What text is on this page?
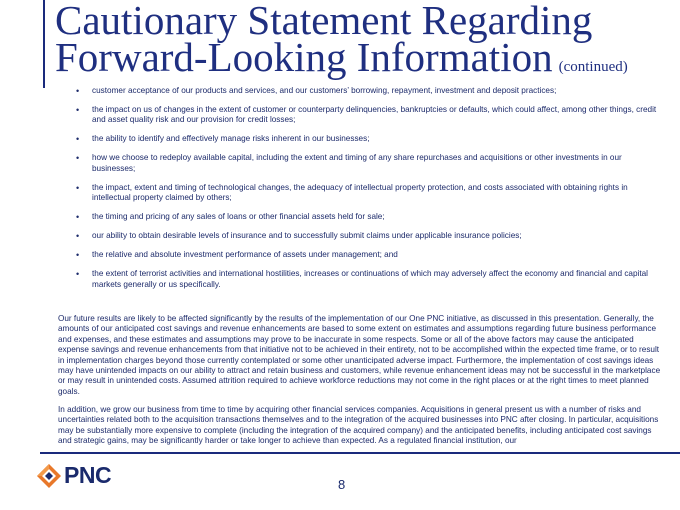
Cautionary Statement Regarding
Forward-Looking Information (continued)
• customer acceptance of our products and services, and our customers’ borrowing, repayment, investment and deposit practices;
• the impact on us of changes in the extent of customer or counterparty delinquencies, bankruptcies or defaults, which could affect, among other things, credit and asset quality risk and our provision for credit losses;
• the ability to identify and effectively manage risks inherent in our businesses;
• how we choose to redeploy available capital, including the extent and timing of any share repurchases and acquisitions or other investments in our businesses;
• the impact, extent and timing of technological changes, the adequacy of intellectual property protection, and costs associated with obtaining rights in intellectual property claimed by others;
• the timing and pricing of any sales of loans or other financial assets held for sale;
• our ability to obtain desirable levels of insurance and to successfully submit claims under applicable insurance policies;
• the relative and absolute investment performance of assets under management; and
• the extent of terrorist activities and international hostilities, increases or continuations of which may adversely affect the economy and financial and capital markets generally or us specifically.

Our future results are likely to be affected significantly by the results of the implementation of our One PNC initiative, as discussed in this presentation. Generally, the amounts of our anticipated cost savings and revenue enhancements are based to some extent on estimates and assumptions regarding future business performance and expenses, and these estimates and assumptions may prove to be inaccurate in some respects. Some or all of the above factors may cause the anticipated expense savings and revenue enhancements from that initiative not to be achieved in their entirety, not to be accomplished within the expected time frame, or to result in implementation charges beyond those currently contemplated or some other unanticipated adverse impact. Furthermore, the implementation of cost savings ideas may have unintended impacts on our ability to attract and retain business and customers, while revenue enhancement ideas may not be successful in the marketplace or may result in unintended costs. Assumed attrition required to achieve workforce reductions may not come in the right places or at the right times to meet planned goals.

In addition, we grow our business from time to time by acquiring other financial services companies. Acquisitions in general present us with a number of risks and uncertainties related both to the acquisition transactions themselves and to the integration of the acquired businesses into PNC after closing. In particular, acquisitions may be substantially more expensive to complete (including the integration of the acquired company) and the anticipated benefits, including anticipated cost savings and strategic gains, may be significantly harder or take longer to achieve than expected. As a regulated financial institution, our

PNC	8
